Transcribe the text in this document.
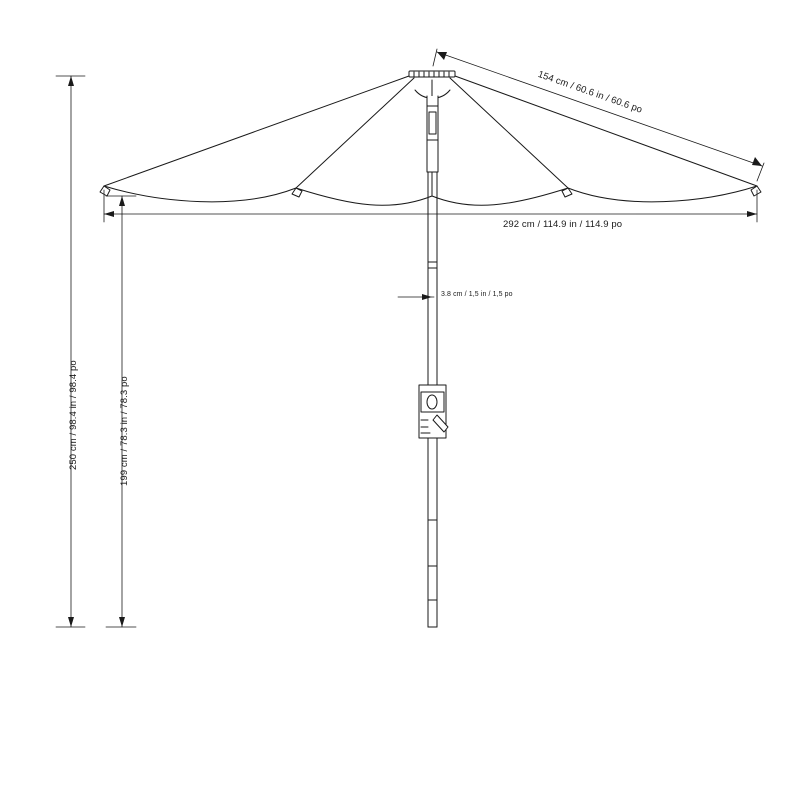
154 cm / 60.6 in / 60.6 po
292 cm / 114.9 in / 114.9 po
3.8 cm / 1,5 in / 1,5 po
250 cm / 98.4 in / 98.4 po	199 cm / 78.3 in / 78.3 po
